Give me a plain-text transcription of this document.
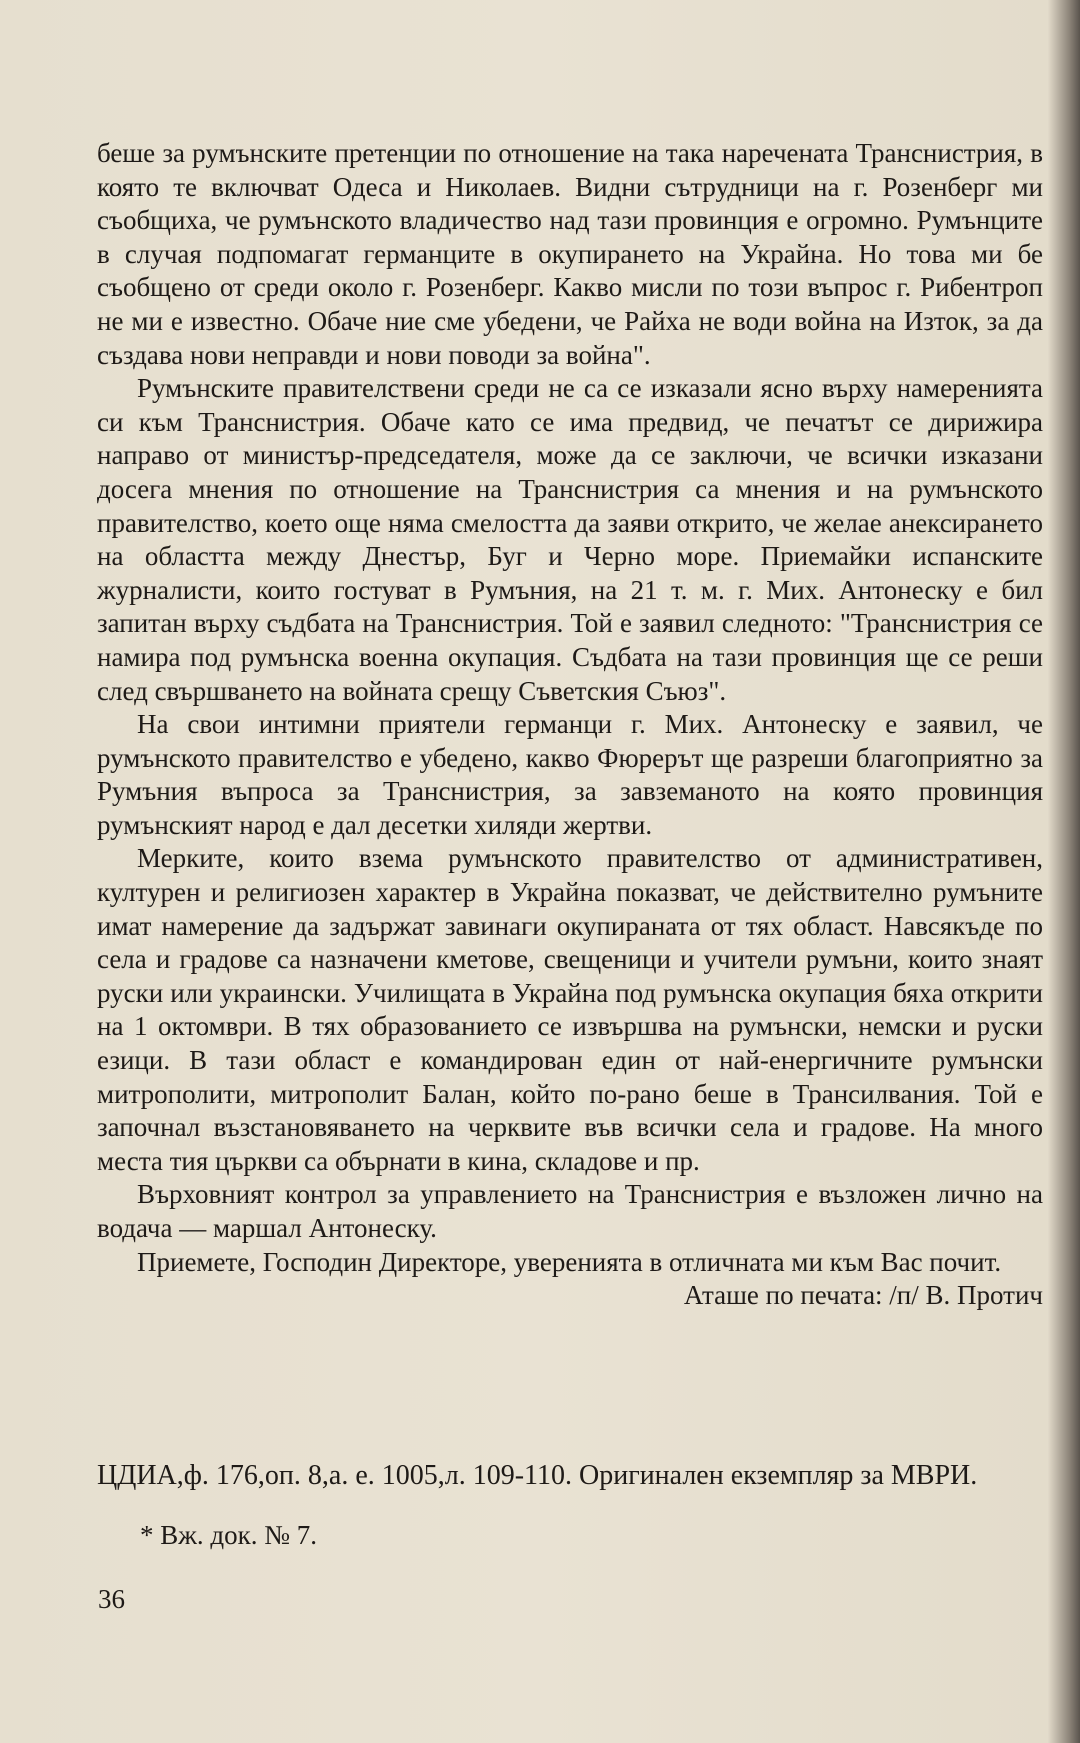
беше за румънските претенции по отношение на така наречената Транснистрия, в която те включват Одеса и Николаев. Видни сътрудници на г. Розенберг ми съобщиха, че румънското владичество над тази провинция е огромно. Румънците в случая подпомагат германците в окупирането на Украйна. Но това ми бе съобщено от среди около г. Розенберг. Какво мисли по този въпрос г. Рибентроп не ми е известно. Обаче ние сме убедени, че Райха не води война на Изток, за да създава нови неправди и нови поводи за война".

Румънските правителствени среди не са се изказали ясно върху намеренията си към Транснистрия. Обаче като се има предвид, че печатът се дирижира направо от министър-председателя, може да се заключи, че всички изказани досега мнения по отношение на Транснистрия са мнения и на румънското правителство, което още няма смелостта да заяви открито, че желае анексирането на областта между Днестър, Буг и Черно море. Приемайки испанските журналисти, които гостуват в Румъния, на 21 т. м. г. Мих. Антонеску е бил запитан върху съдбата на Транснистрия. Той е заявил следното: "Транснистрия се намира под румънска военна окупация. Съдбата на тази провинция ще се реши след свършването на войната срещу Съветския Съюз".

На свои интимни приятели германци г. Мих. Антонеску е заявил, че румънското правителство е убедено, какво Фюрерът ще разреши благоприятно за Румъния въпроса за Транснистрия, за завземаното на която провинция румънският народ е дал десетки хиляди жертви.

Мерките, които взема румънското правителство от административен, културен и религиозен характер в Украйна показват, че действително румъните имат намерение да задържат завинаги окупираната от тях област. Навсякъде по села и градове са назначени кметове, свещеници и учители румъни, които знаят руски или украински. Училищата в Украйна под румънска окупация бяха открити на 1 октомври. В тях образованието се извършва на румънски, немски и руски езици. В тази област е командирован един от най-енергичните румънски митрополити, митрополит Балан, който по-рано беше в Трансилвания. Той е започнал възстановяването на черквите във всички села и градове. На много места тия църкви са обърнати в кина, складове и пр.

Върховният контрол за управлението на Транснистрия е възложен лично на водача — маршал Антонеску.

Приемете, Господин Директоре, уверенията в отличната ми към Вас почит.

Аташе по печата: /п/ В. Протич
ЦДИА,ф. 176,оп. 8,а. е. 1005,л. 109-110. Оригинален екземпляр за МВРИ.
* Вж. док. № 7.
36
